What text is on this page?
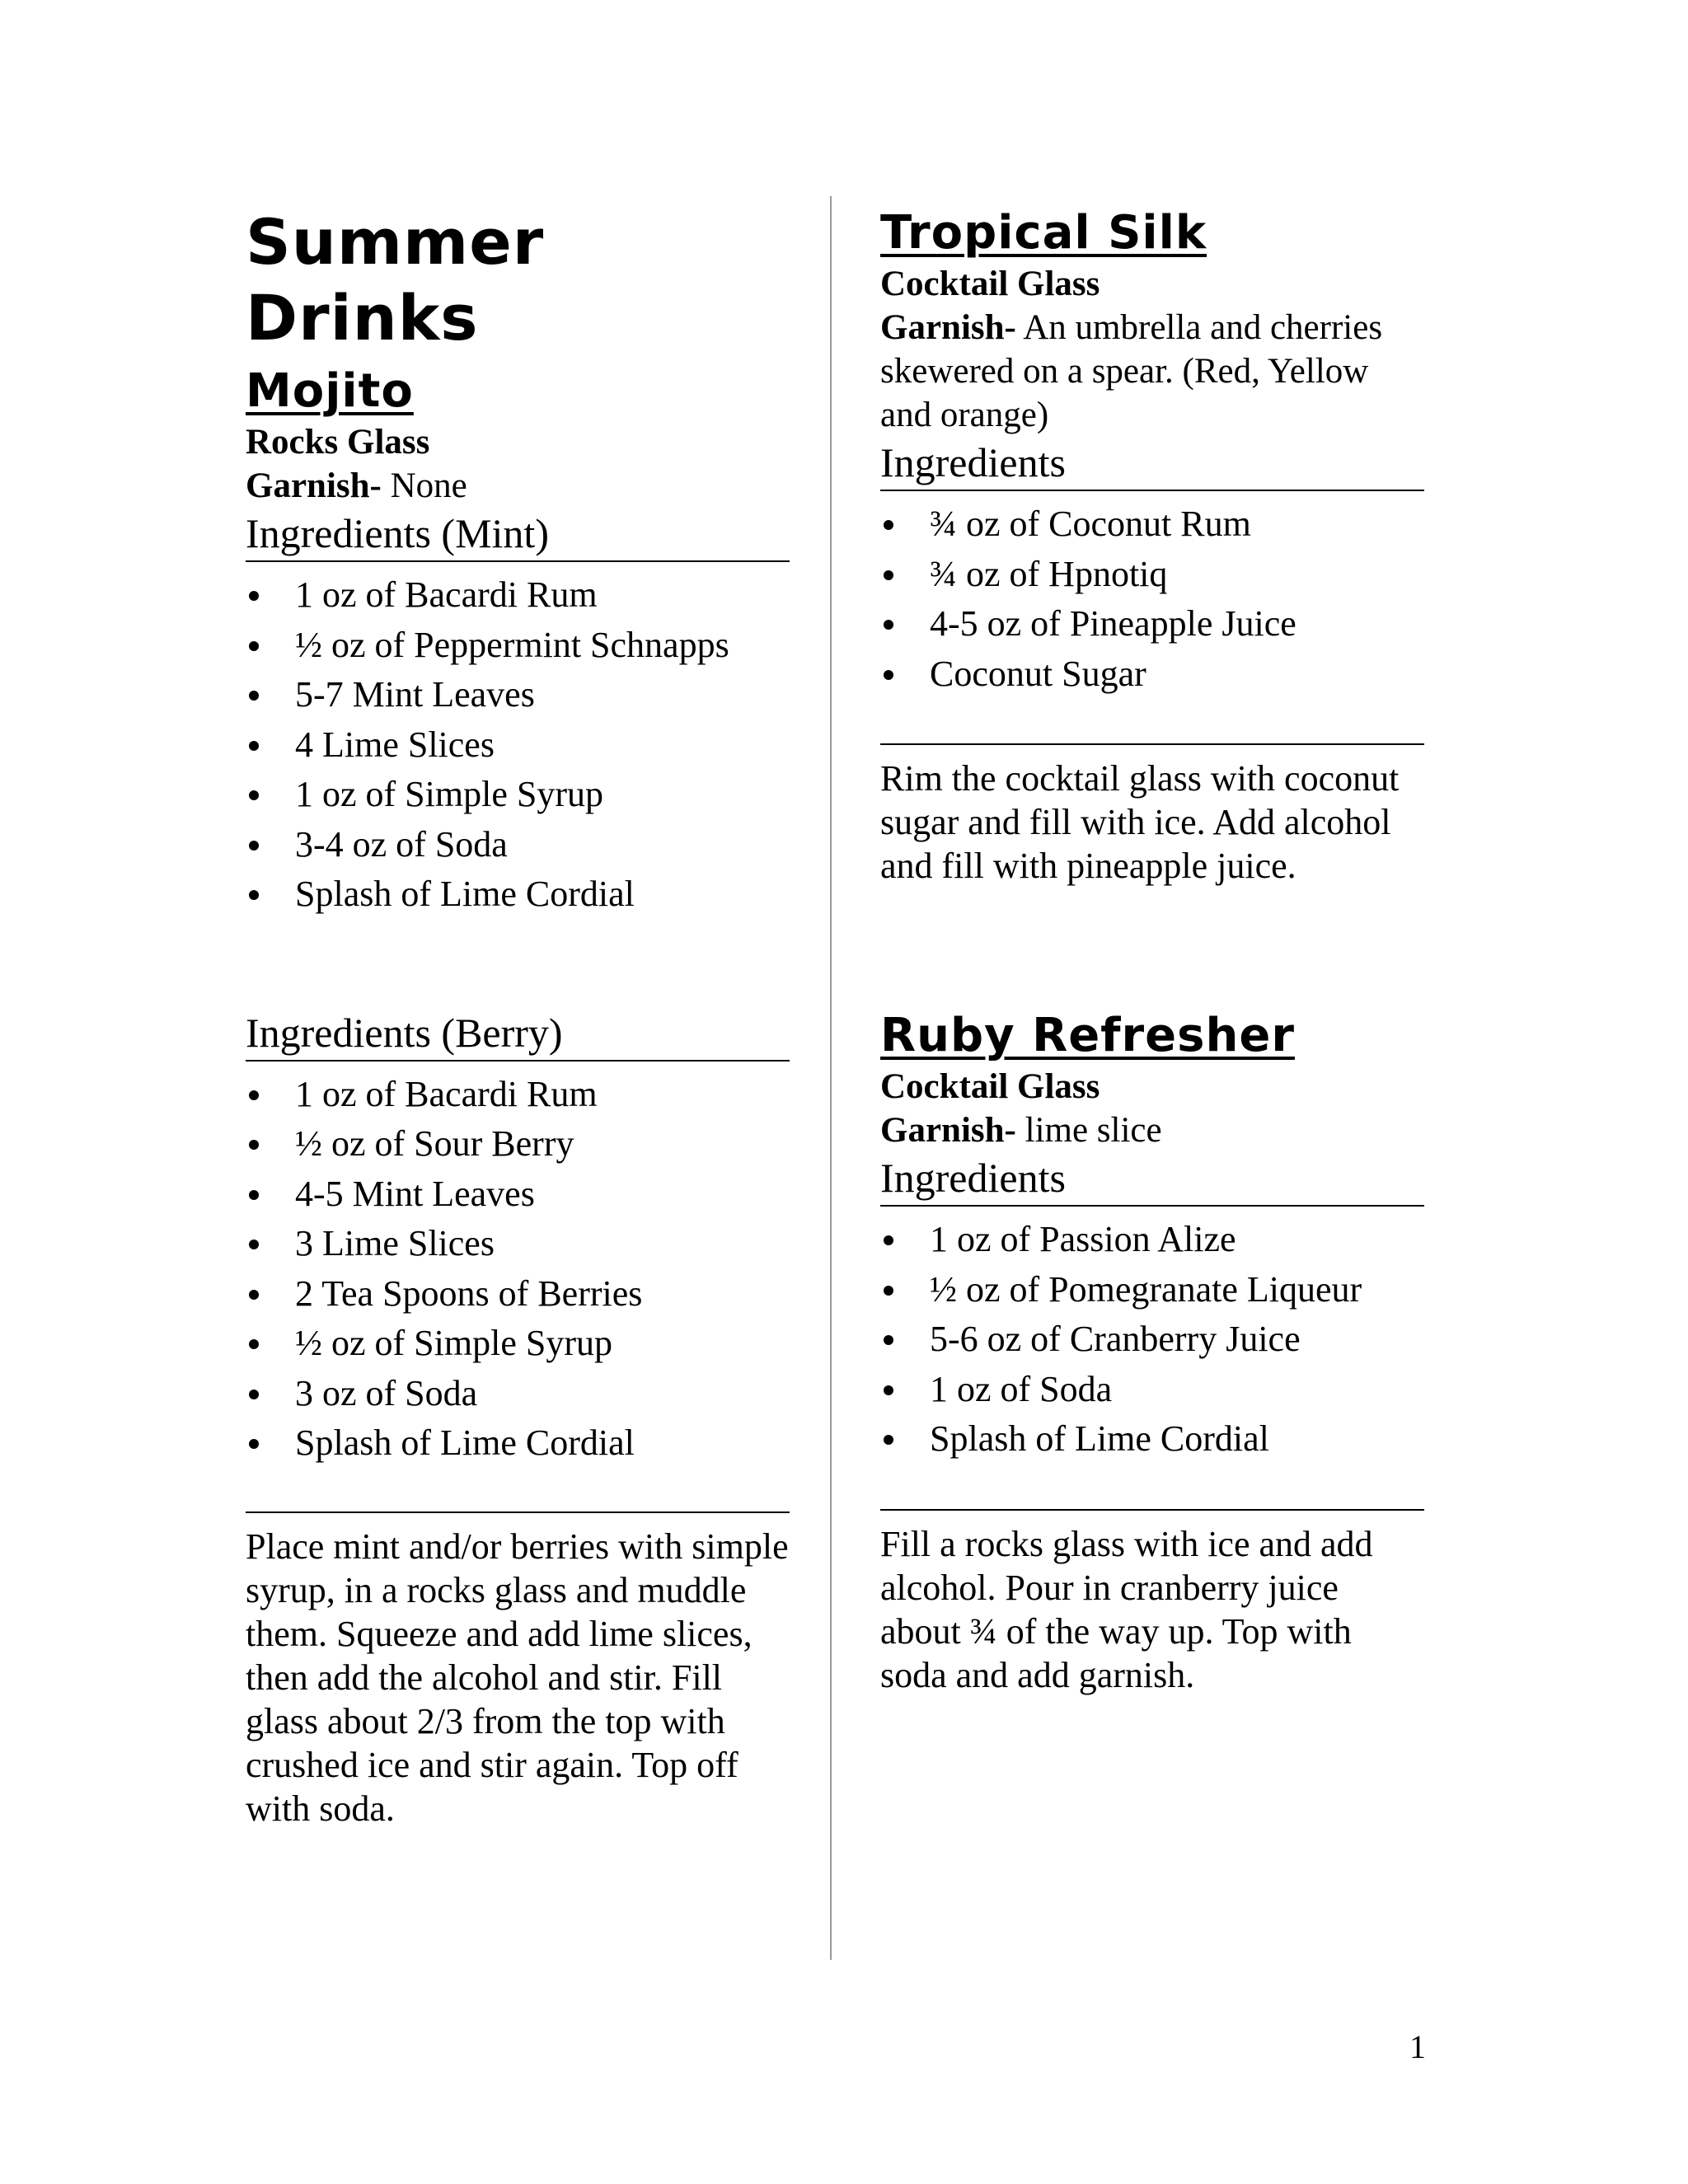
Summer Drinks
Mojito
Rocks Glass
Garnish- None
Ingredients (Mint)
1 oz of Bacardi Rum
½ oz of Peppermint Schnapps
5-7 Mint Leaves
4 Lime Slices
1 oz of Simple Syrup
3-4 oz of Soda
Splash of Lime Cordial
Ingredients (Berry)
1 oz of Bacardi Rum
½ oz of Sour Berry
4-5 Mint Leaves
3 Lime Slices
2 Tea Spoons of Berries
½ oz of Simple Syrup
3 oz of Soda
Splash of Lime Cordial
Place mint and/or berries with simple syrup, in a rocks glass and muddle them. Squeeze and add lime slices, then add the alcohol and stir. Fill glass about 2/3 from the top with crushed ice and stir again. Top off with soda.
Tropical Silk
Cocktail Glass
Garnish- An umbrella and cherries skewered on a spear. (Red, Yellow and orange)
Ingredients
¾ oz of Coconut Rum
¾ oz of Hpnotiq
4-5 oz of Pineapple Juice
Coconut Sugar
Rim the cocktail glass with coconut sugar and fill with ice. Add alcohol and fill with pineapple juice.
Ruby Refresher
Cocktail Glass
Garnish- lime slice
Ingredients
1 oz of Passion Alize
½ oz of Pomegranate Liqueur
5-6 oz of Cranberry Juice
1 oz of Soda
Splash of Lime Cordial
Fill a rocks glass with ice and add alcohol. Pour in cranberry juice about ¾ of the way up. Top with soda and add garnish.
1
